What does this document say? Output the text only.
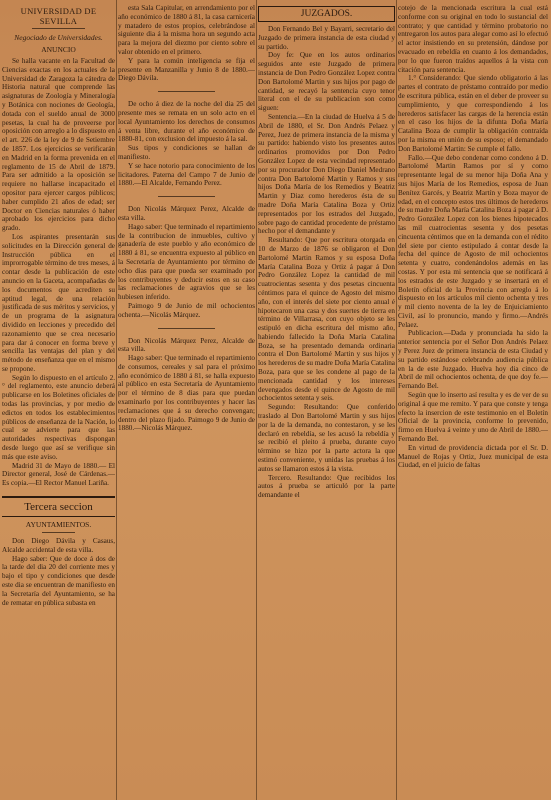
UNIVERSIDAD DE SEVILLA
Negociado de Universidades.
ANUNCIO

Se halla vacante en la Facultad de Ciencias exactas en los actuales de la Universidad de Zaragoza la cátedra de Historia natural que comprende las asignaturas de Zoología y Mineralogía y Botánica con nociones de Geología, dotada con el sueldo anual de 3000 pesetas, la cual ha de proveerse por oposición con arreglo a lo dispuesto en el art. 226 de la ley de 9 de Setiembre de 1857. Los ejercicios se verificarán en Madrid en la forma prevenida en el reglamento de 15 de Abril de 1879. Para ser admitido a la oposición se requiere no hallarse incapacitado el opositor para ejercer cargos públicos; haber cumplido 21 años de edad; ser Doctor en Ciencias naturales ó haber aprobado los ejercicios para dicho grado.

Los aspirantes presentarán sus solicitudes en la Dirección general de Instrucción pública en el improrrogable término de tres meses, á contar desde la publicación de este anuncio en la Gaceta, acompañadas de los documentos que acrediten su aptitud legal, de una relación justificada de sus méritos y servicios, y de un programa de la asignatura dividido en lecciones y precedido del razonamiento que se crea necesario para dar á conocer en forma breve y sencilla las ventajas del plan y del método de enseñanza que en el mismo se propone.

Según lo dispuesto en el artículo 2.° del reglamento, este anuncio deberá publicarse en los Boletines oficiales de todas las provincias, y por medio de edictos en todos los establecimientos públicos de enseñanza de la Nación, lo cual se advierte para que las autoridades respectivas dispongan desde luego que así se verifique sin más que este aviso.

Madrid 31 de Mayo de 1880.— El Director general, José de Cárdenas.—Es copia.—El Rector Manuel Lariña.

Tercera seccion
AYUNTAMIENTOS.

Don Diego Dávila y Casaus, Alcalde accidental de esta villa.

Hago saber: Que de doce á dos de la tarde del dia 20 del corriente mes y bajo el tipo y condiciones que desde este dia se encuentran de manifiesto en la Secretaría del Ayuntamiento, se ha de rematar en pública subasta en

esta Sala Capitular, en arrendamiento por el año económico de 1880 á 81, la casa carnicería y matadero de estos propios, celebrándose al siguiente dia á la misma hora un segundo acta para la mejora del diezmo por ciento sobre el valor obtenido en el primero.

Y para la común inteligencia se fija el presente en Manzanilla y Junio 8 de 1880.— Diego Dávila.

De ocho á diez de la noche del dia 25 del presente mes se remata en un solo acto en el local Ayuntamiento los derechos de consumos á venta libre, durante el año económico de 1880-81, con exclusion del impuesto á la sal.

Sus tipos y condiciones se hallan de manifiesto.

Y se hace notorio para conocimiento de los licitadores. Paterna del Campo 7 de Junio de 1880.—El Alcalde, Fernando Perez.

Don Nicolás Márquez Perez, Alcalde de esta villa.

Hago saber: Que terminado el repartimiento de la contribucion de inmuebles, cultivo y ganadería de este pueblo y año económico de 1880 á 81, se encuentra expuesto al público en la Secretaría de Ayuntamiento por término de ocho dias para que pueda ser examinado por los contribuyentes y deducir estos en su caso las reclamaciones de agravios que se les hubiesen inferido.

Paimogo 9 de Junio de mil ochocientos ochenta.—Nicolás Márquez.

Don Nicolás Márquez Perez, Alcalde de esta villa.

Hago saber: Que terminado el repartimiento de consumos, cereales y sal para el próximo año económico de 1880 á 81, se halla expuesto al público en esta Secretaría de Ayuntamiento por el término de 8 dias para que puedan examinarlo por los contribuyentes y hacer las reclamaciones que á su derecho convengan; dentro del plazo fijado. Paimogo 9 de Junio de 1880.—Nicolás Márquez.

JUZGADOS.

Don Fernando Bel y Bayarri, secretario del Juzgado de primera instancia de esta ciudad y su partido.

Doy fe: Que en los autos ordinarios seguidos ante este Juzgado de primera instancia de Don Pedro González Lopez contra Don Bartolomé Martin y sus hijos por pago de cantidad, se recayó la sentencia cuyo tenor literal con el de su publicacion son como siguen:

Sentencia.—En la ciudad de Huelva á 5 de Abril de 1880, el Sr. Don Andrés Pelaez y Perez, Juez de primera instancia de la misma y su partido: habiendo visto los presentes autos ordinarios promovidos por Don Pedro González Lopez de esta vecindad representado por su procurador Don Diego Daniel Medrano contra Don Bartolomé Martin y Ramos y sus hijos Doña María de los Remedios y Beatriz Martin y Diaz como herederos ésta de su madre Doña María Catalina Boza y Ortiz representados por los estrados del Juzgado, sobre pago de cantidad procedente de préstamo hecho por el demandante y

Resultando: Que por escritura otorgada en 10 de Marzo de 1876 se obligaron el Don Bartolomé Martin Ramos y su esposa Doña María Catalina Boza y Ortiz á pagar á Don Pedro González Lopez la cantidad de mil cuatrocientas sesenta y dos pesetas cincuenta céntimos para el quince de Agosto del mismo año, con el interés del siete por ciento anual é hipotecaron una casa y dos suertes de tierra en término de Villarrasa, con cuyo objeto se les estipuló en dicha escritura del mismo año, habiendo fallecido la Doña María Catalina Boza, se ha presentado demanda ordinaria contra el Don Bartolomé Martin y sus hijos y los herederos de su madre Doña María Catalina Boza, para que se les condene al pago de la mencionada cantidad y los intereses devengados desde el quince de Agosto de mil ochocientos setenta y seis.

Segundo: Resultando: Que conferido traslado al Don Bartolomé Martin y sus hijos por la de la demanda, no contestaron, y se les declaró en rebeldía, se les acusó la rebeldía y se recibió el pleito á prueba, durante cuyo término se hizo por la parte actora la que estimó conveniente, y unidas las pruebas á los autos se llamaron estos á la vista.

Tercero. Resultando: Que recibidos los autos á prueba se articuló por la parte demandante el

cotejo de la mencionada escritura la cual está conforme con su original en todo lo sustancial del contrato; y que cantidad y término probatorio no entregaron los autos para alegar como así lo efectuó el actor insistiendo en su pretensión, dándose por evacuado en rebeldía en cuanto á los demandados, por lo que fueron traídos aquellos á la vista con citación para sentencia.

1.° Considerando: Que siendo obligatorio á las partes el contrato de préstamo contraído por medio de escritura pública, están en el deber de proveer su cumplimiento, y que correspondiendo á los herederos satisfacer las cargas de la herencia están en el caso los hijos de la difunta Doña María Catalina Boza de cumplir la obligación contraída por la misma en unión de su esposo; el demandado Don Bartolomé Martin: Se cumple el fallo.

Fallo.—Que debo condenar como condeno á D. Bartolomé Martin Ramos por sí y como representante legal de su menor hija Doña Ana y sus hijos María de los Remedios, esposa de Juan Benítez Garcés, y Beatriz Martín y Boza mayor de edad, en el concepto estos tres últimos de herederos de su madre Doña María Catalina Boza á pagar á D. Pedro González Lopez con los bienes hipotecados las mil cuatrocientas sesenta y dos pesetas cincuenta céntimos que en la demanda con el rédito del siete por ciento estipulado á contar desde la fecha del quince de Agosto de mil ochocientos setenta y cuatro, condenándolos además en las costas. Y por esta mi sentencia que se notificará á los estrados de este Juzgado y se insertará en el Boletín oficial de la Provincia con arreglo á lo dispuesto en los artículos mil ciento ochenta y tres y mil ciento noventa de la ley de Enjuiciamiento Civil, así lo pronuncio, mando y firmo.—Andrés Pelaez.

Publicacion.—Dada y pronunciada ha sido la anterior sentencia por el Señor Don Andrés Pelaez y Perez Juez de primera instancia de esta Ciudad y su partido estándose celebrando audiencia pública en la de este Juzgado. Huelva hoy dia cinco de Abril de mil ochocientos ochenta, de que doy fe.—Fernando Bel.

Según que lo inserto así resulta y es de ver de su original á que me remito. Y para que conste y tenga efecto la insercion de este testimonio en el Boletín Oficial de la provincia, conforme lo prevenido, firmo en Huelva á veinte y uno de Abril de 1880.—Fernando Bel.

En virtud de providencia dictada por el Sr. D. Manuel de Rojas y Ortiz, Juez municipal de esta Ciudad, en el juicio de faltas
